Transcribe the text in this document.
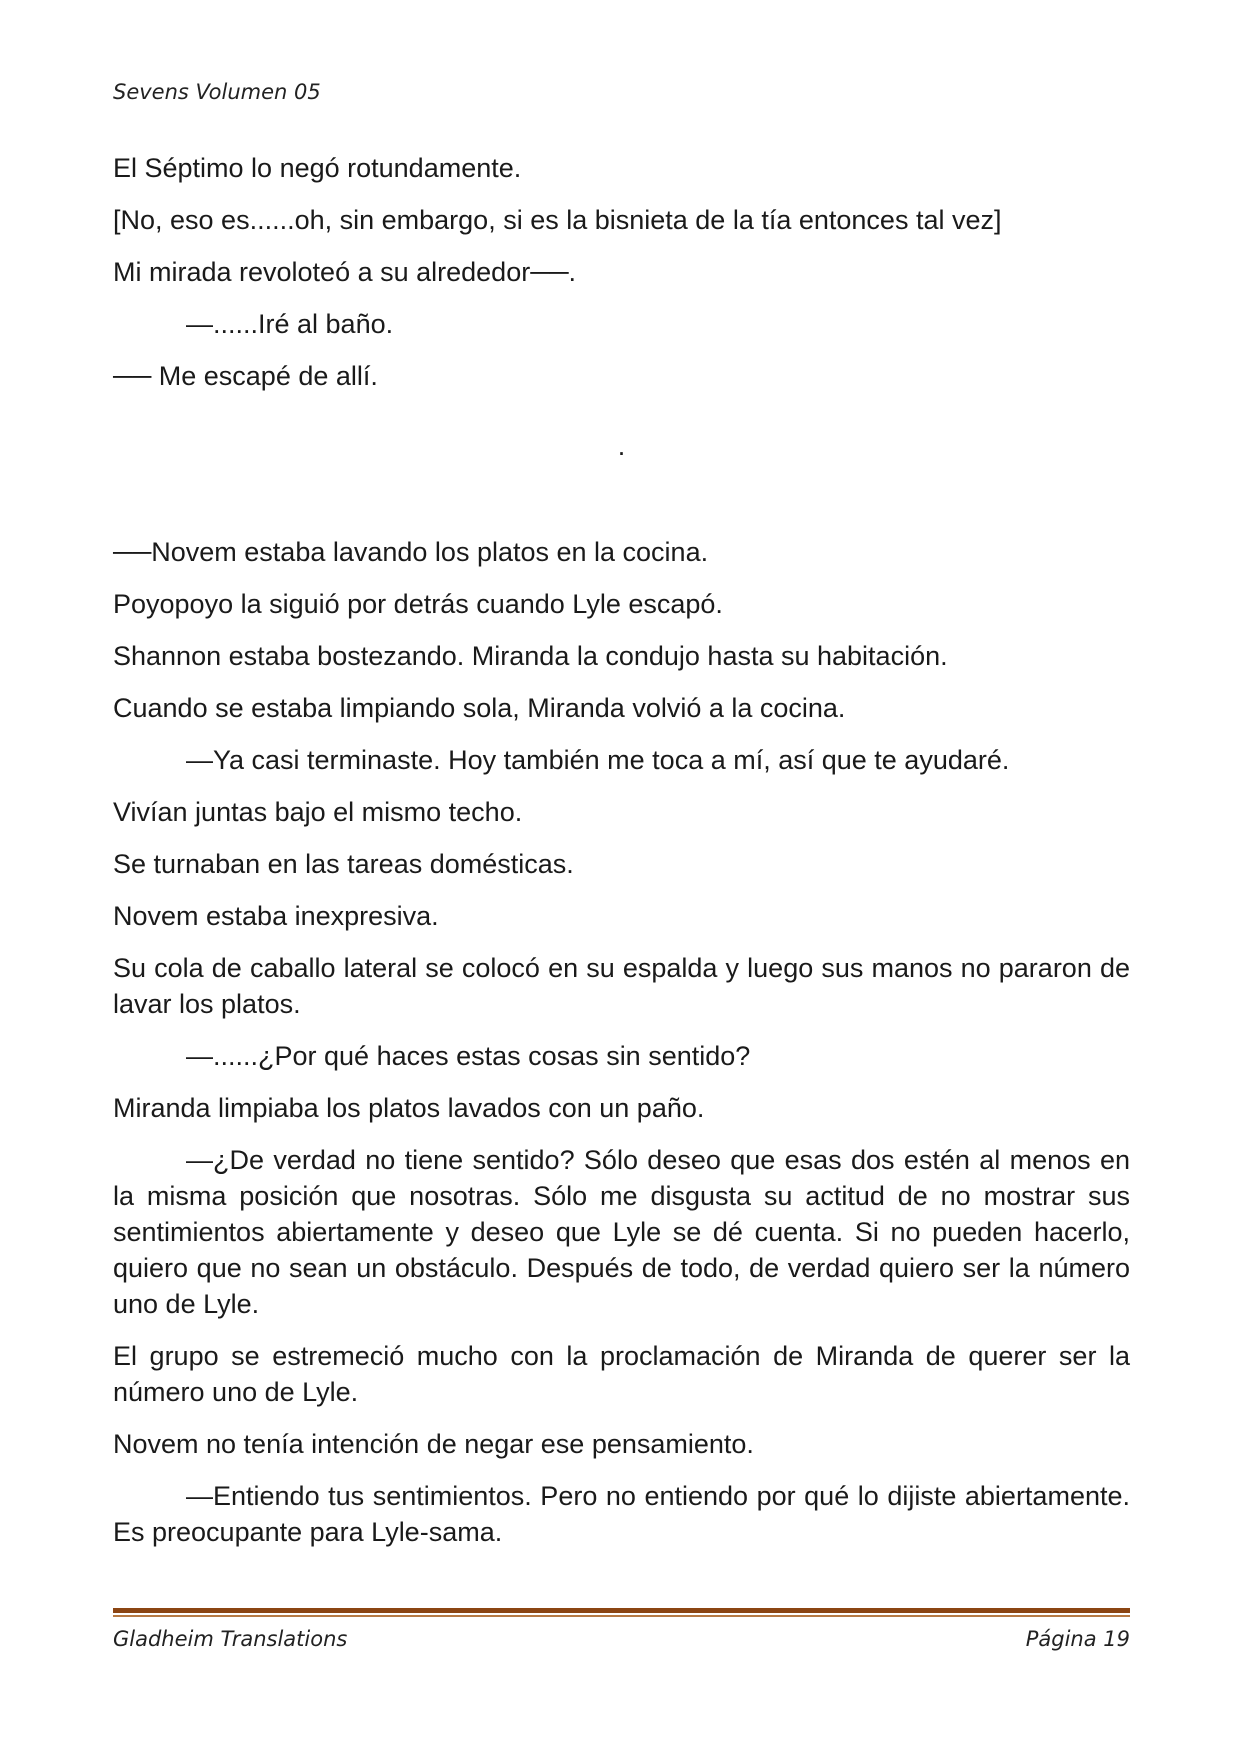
Sevens Volumen 05

El Séptimo lo negó rotundamente.

[No, eso es......oh, sin embargo, si es la bisnieta de la tía entonces tal vez]

Mi mirada revoloteó a su alrededor──.

—......Iré al baño.

── Me escapé de allí.

.

──Novem estaba lavando los platos en la cocina.

Poyopoyo la siguió por detrás cuando Lyle escapó.

Shannon estaba bostezando. Miranda la condujo hasta su habitación.

Cuando se estaba limpiando sola, Miranda volvió a la cocina.

—Ya casi terminaste. Hoy también me toca a mí, así que te ayudaré.

Vivían juntas bajo el mismo techo.

Se turnaban en las tareas domésticas.

Novem estaba inexpresiva.

Su cola de caballo lateral se colocó en su espalda y luego sus manos no pararon de lavar los platos.

—......¿Por qué haces estas cosas sin sentido?

Miranda limpiaba los platos lavados con un paño.

—¿De verdad no tiene sentido? Sólo deseo que esas dos estén al menos en la misma posición que nosotras. Sólo me disgusta su actitud de no mostrar sus sentimientos abiertamente y deseo que Lyle se dé cuenta. Si no pueden hacerlo, quiero que no sean un obstáculo. Después de todo, de verdad quiero ser la número uno de Lyle.

El grupo se estremeció mucho con la proclamación de Miranda de querer ser la número uno de Lyle.

Novem no tenía intención de negar ese pensamiento.

—Entiendo tus sentimientos. Pero no entiendo por qué lo dijiste abiertamente. Es preocupante para Lyle-sama.

Gladheim Translations	Página 19
